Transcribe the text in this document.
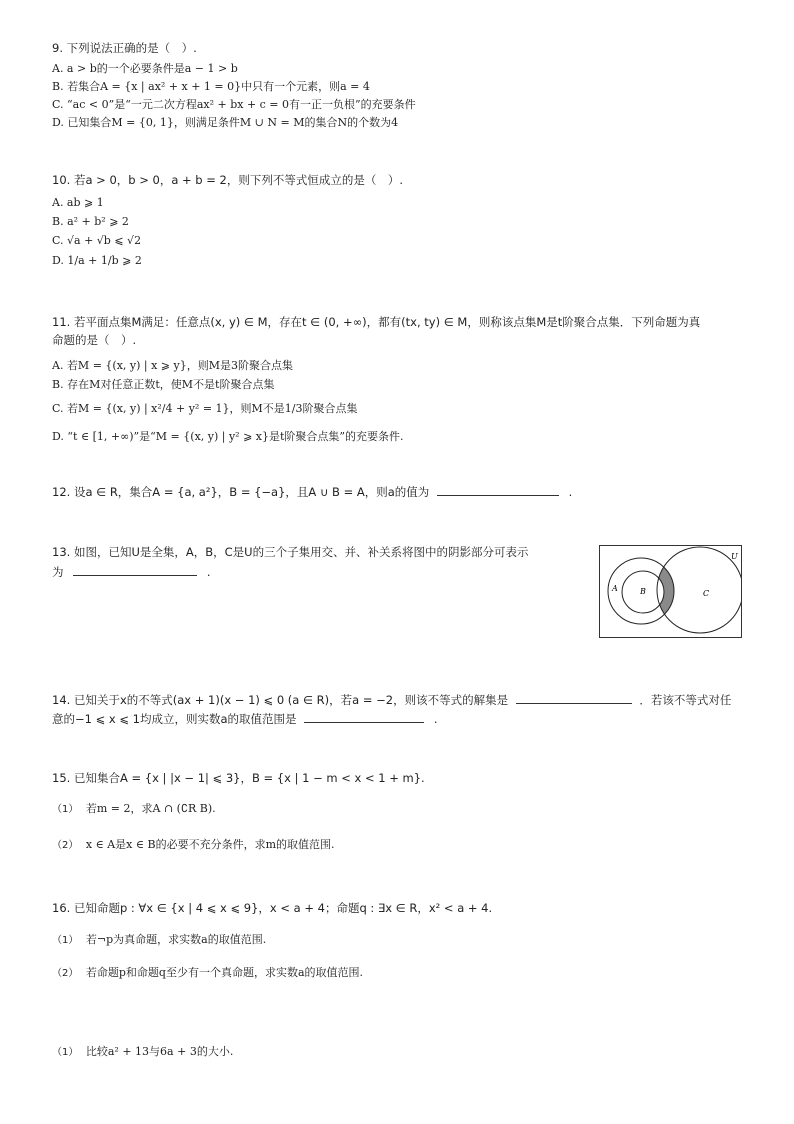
9. 下列说法正确的是（　）.
A. a > b的一个必要条件是a − 1 > b
B. 若集合A = {x | ax² + x + 1 = 0}中只有一个元素，则a = 4
C. “ac < 0”是“一元二次方程ax² + bx + c = 0有一正一负根”的充要条件
D. 已知集合M = {0, 1}，则满足条件M ∪ N = M的集合N的个数为4
10. 若a > 0，b > 0，a + b = 2，则下列不等式恒成立的是（　）.
A. ab ⩾ 1
B. a² + b² ⩾ 2
C. √a + √b ⩽ √2
D. 1/a + 1/b ⩾ 2
11. 若平面点集M满足：任意点(x, y) ∈ M，存在t ∈ (0, +∞)，都有(tx, ty) ∈ M，则称该点集M是t阶聚合点集．下列命题为真
命题的是（　）.
A. 若M = {(x, y) | x ⩾ y}，则M是3阶聚合点集
B. 存在M对任意正数t，使M不是t阶聚合点集
C. 若M = {(x, y) | x²/4 + y² = 1}，则M不是1/3阶聚合点集
D. “t ∈ [1, +∞)”是“M = {(x, y) | y² ⩾ x}是t阶聚合点集”的充要条件.
12. 设a ∈ R，集合A = {a, a²}，B = {−a}，且A ∪ B = A，则a的值为	.
13. 如图，已知U是全集，A，B，C是U的三个子集用交、并、补关系将图中的阴影部分可表示
为	.
U
A	B	C
14. 已知关于x的不等式(ax + 1)(x − 1) ⩽ 0 (a ∈ R)，若a = −2，则该不等式的解集是	．若该不等式对任
意的−1 ⩽ x ⩽ 1均成立，则实数a的取值范围是	.
15. 已知集合A = {x | |x − 1| ⩽ 3}，B = {x | 1 − m < x < 1 + m}.
（1） 若m = 2，求A ∩ (∁R B).
（2） x ∈ A是x ∈ B的必要不充分条件，求m的取值范围.
16. 已知命题p : ∀x ∈ {x | 4 ⩽ x ⩽ 9}，x < a + 4；命题q : ∃x ∈ R，x² < a + 4.
（1） 若¬p为真命题，求实数a的取值范围.
（2） 若命题p和命题q至少有一个真命题，求实数a的取值范围.
（1） 比较a² + 13与6a + 3的大小.
